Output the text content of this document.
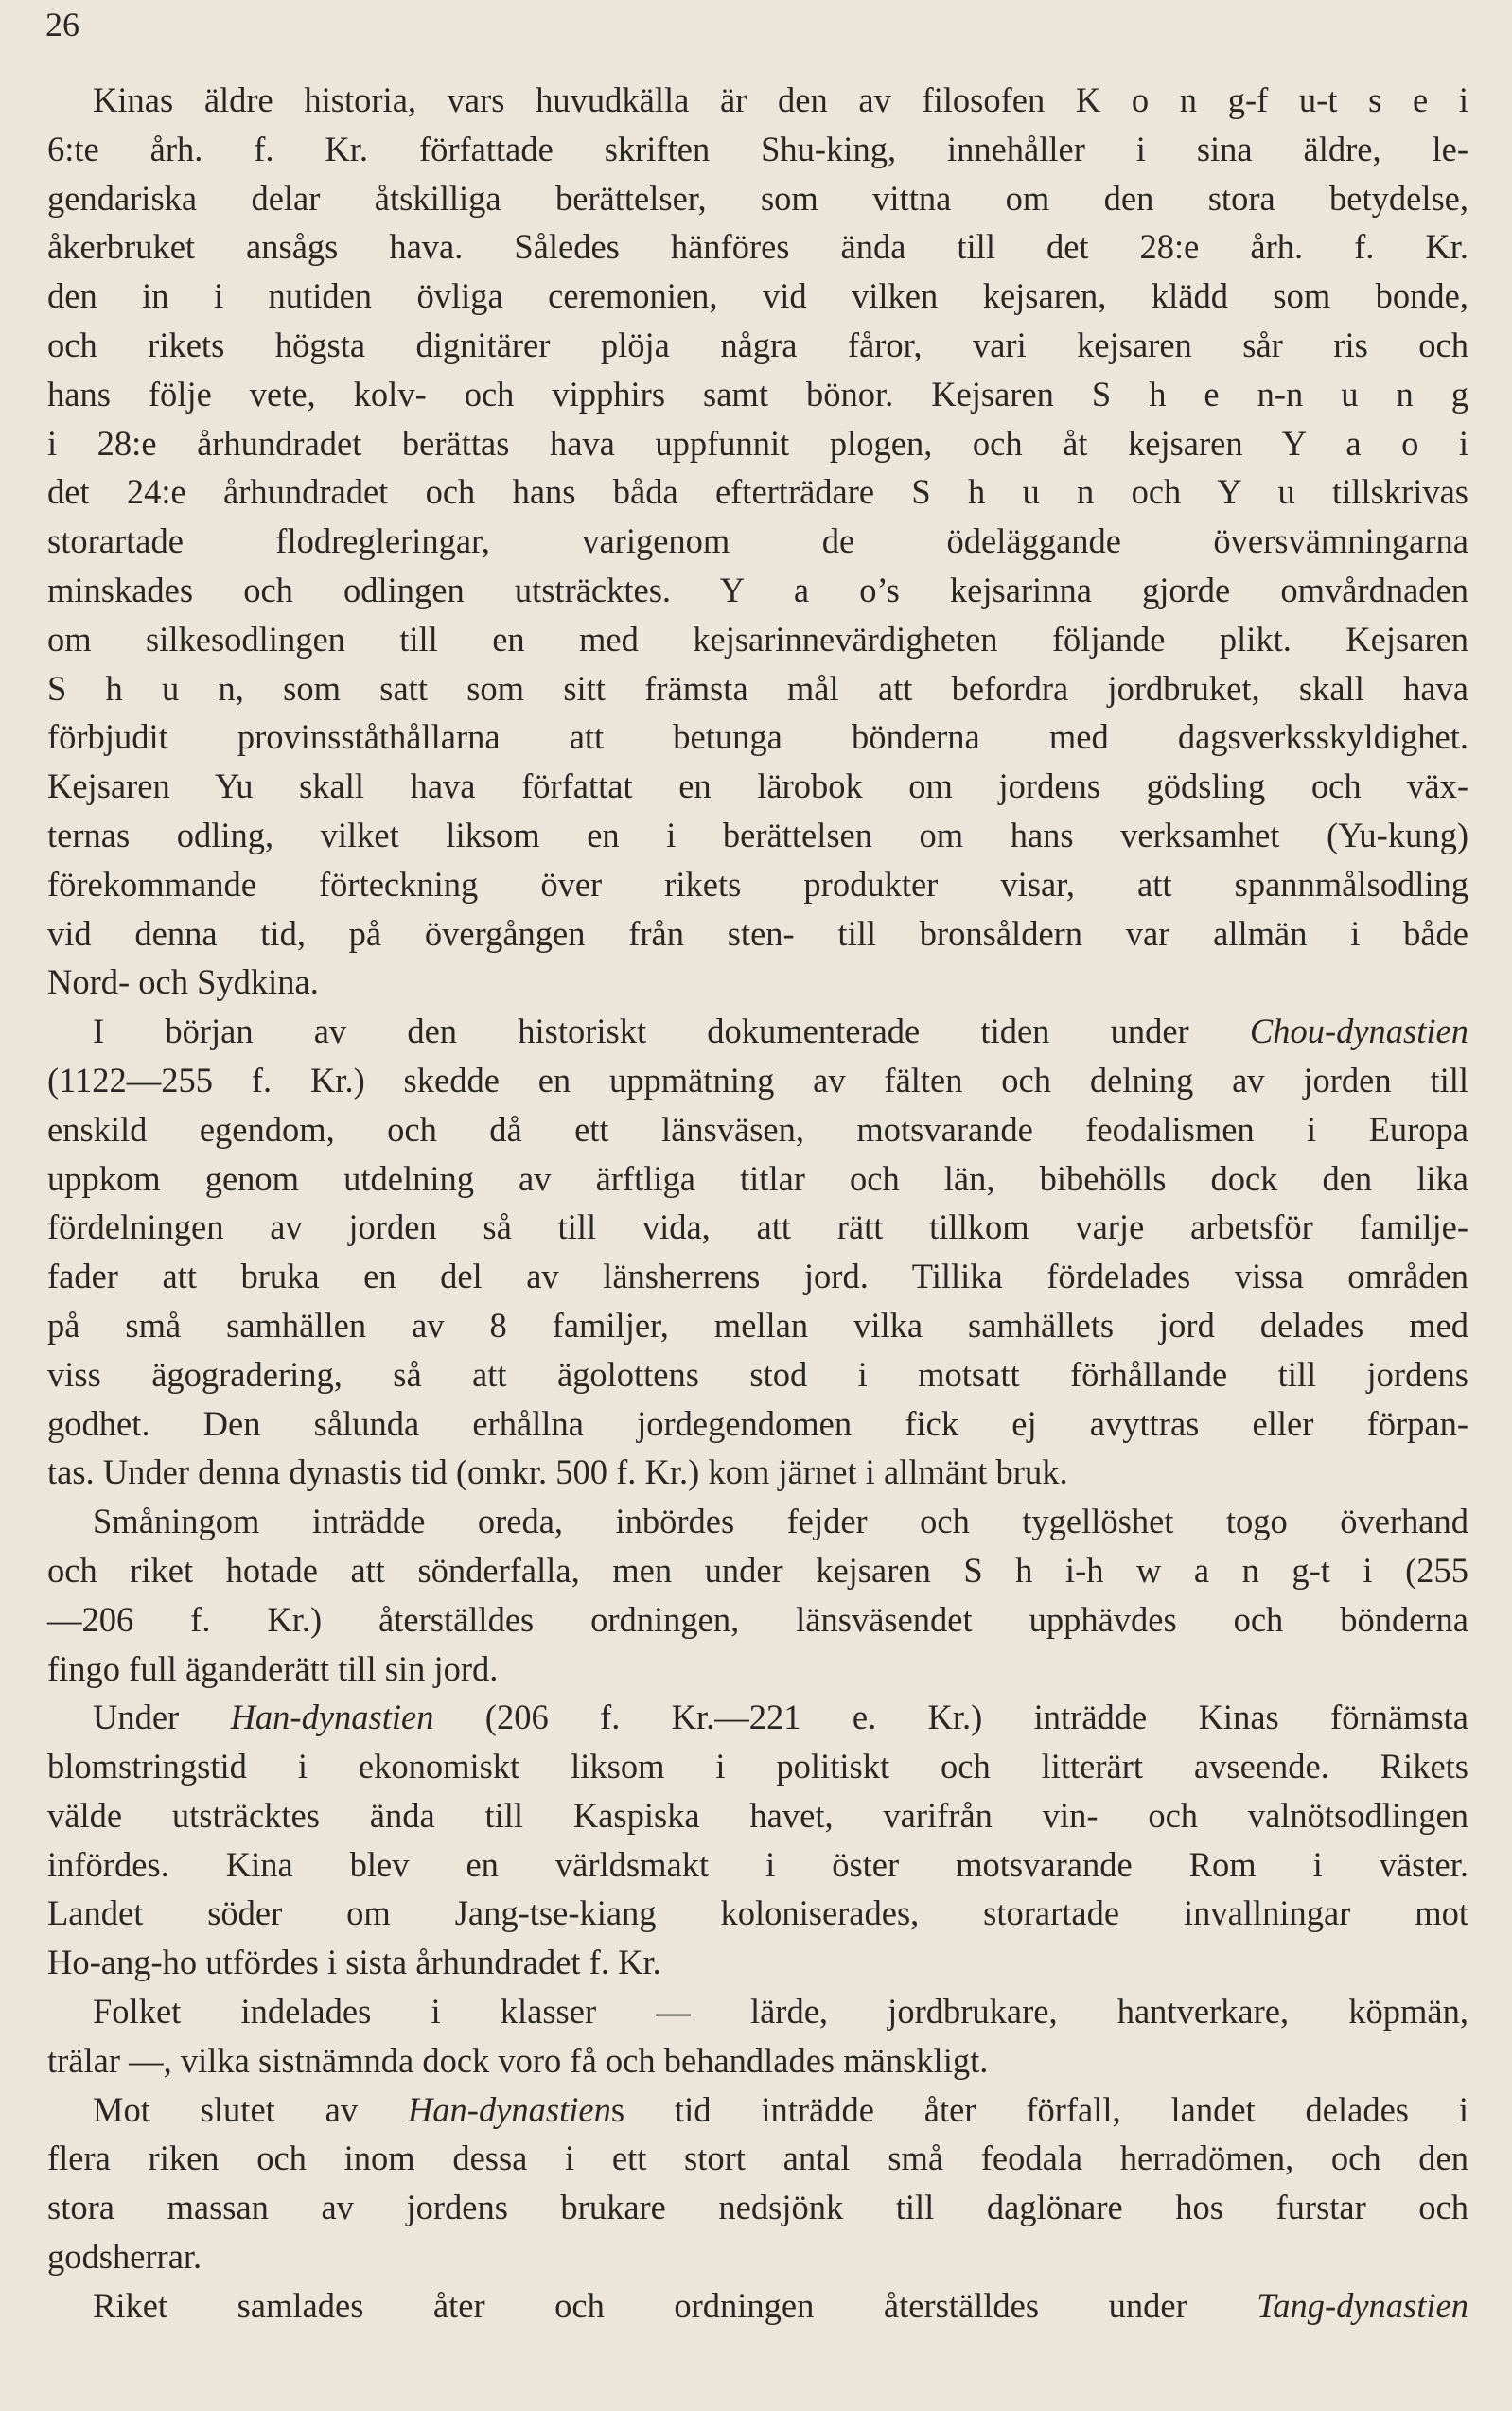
26

Kinas äldre historia, vars huvudkälla är den av filosofen K o n g-f u-t s e i
6:te årh. f. Kr. författade skriften Shu-king, innehåller i sina äldre, le-
gendariska delar åtskilliga berättelser, som vittna om den stora betydelse,
åkerbruket ansågs hava. Således hänföres ända till det 28:e årh. f. Kr.
den in i nutiden övliga ceremonien, vid vilken kejsaren, klädd som bonde,
och rikets högsta dignitärer plöja några fåror, vari kejsaren sår ris och
hans följe vete, kolv- och vipphirs samt bönor. Kejsaren S h e n-n u n g
i 28:e århundradet berättas hava uppfunnit plogen, och åt kejsaren Y a o i
det 24:e århundradet och hans båda efterträdare S h u n och Y u tillskrivas
storartade flodregleringar, varigenom de ödeläggande översvämningarna
minskades och odlingen utsträcktes. Y a o’s kejsarinna gjorde omvårdnaden
om silkesodlingen till en med kejsarinnevärdigheten följande plikt. Kejsaren
S h u n, som satt som sitt främsta mål att befordra jordbruket, skall hava
förbjudit provinsståthållarna att betunga bönderna med dagsverksskyldighet.
Kejsaren Yu skall hava författat en lärobok om jordens gödsling och väx-
ternas odling, vilket liksom en i berättelsen om hans verksamhet (Yu-kung)
förekommande förteckning över rikets produkter visar, att spannmålsodling
vid denna tid, på övergången från sten- till bronsåldern var allmän i både
Nord- och Sydkina.

I början av den historiskt dokumenterade tiden under Chou-dynastien
(1122—255 f. Kr.) skedde en uppmätning av fälten och delning av jorden till
enskild egendom, och då ett länsväsen, motsvarande feodalismen i Europa
uppkom genom utdelning av ärftliga titlar och län, bibehölls dock den lika
fördelningen av jorden så till vida, att rätt tillkom varje arbetsför familje-
fader att bruka en del av länsherrens jord. Tillika fördelades vissa områden
på små samhällen av 8 familjer, mellan vilka samhällets jord delades med
viss ägogradering, så att ägolottens stod i motsatt förhållande till jordens
godhet. Den sålunda erhållna jordegendomen fick ej avyttras eller förpan-
tas. Under denna dynastis tid (omkr. 500 f. Kr.) kom järnet i allmänt bruk.

Småningom inträdde oreda, inbördes fejder och tygellöshet togo överhand
och riket hotade att sönderfalla, men under kejsaren S h i-h w a n g-t i (255
—206 f. Kr.) återställdes ordningen, länsväsendet upphävdes och bönderna
fingo full äganderätt till sin jord.

Under Han-dynastien (206 f. Kr.—221 e. Kr.) inträdde Kinas förnämsta
blomstringstid i ekonomiskt liksom i politiskt och litterärt avseende. Rikets
välde utsträcktes ända till Kaspiska havet, varifrån vin- och valnötsodlingen
infördes. Kina blev en världsmakt i öster motsvarande Rom i väster.
Landet söder om Jang-tse-kiang koloniserades, storartade invallningar mot
Ho-ang-ho utfördes i sista århundradet f. Kr.

Folket indelades i klasser — lärde, jordbrukare, hantverkare, köpmän,
trälar —, vilka sistnämnda dock voro få och behandlades mänskligt.

Mot slutet av Han-dynastiens tid inträdde åter förfall, landet delades i
flera riken och inom dessa i ett stort antal små feodala herradömen, och den
stora massan av jordens brukare nedsjönk till daglönare hos furstar och
godsherrar.

Riket samlades åter och ordningen återställdes under Tang-dynastien
